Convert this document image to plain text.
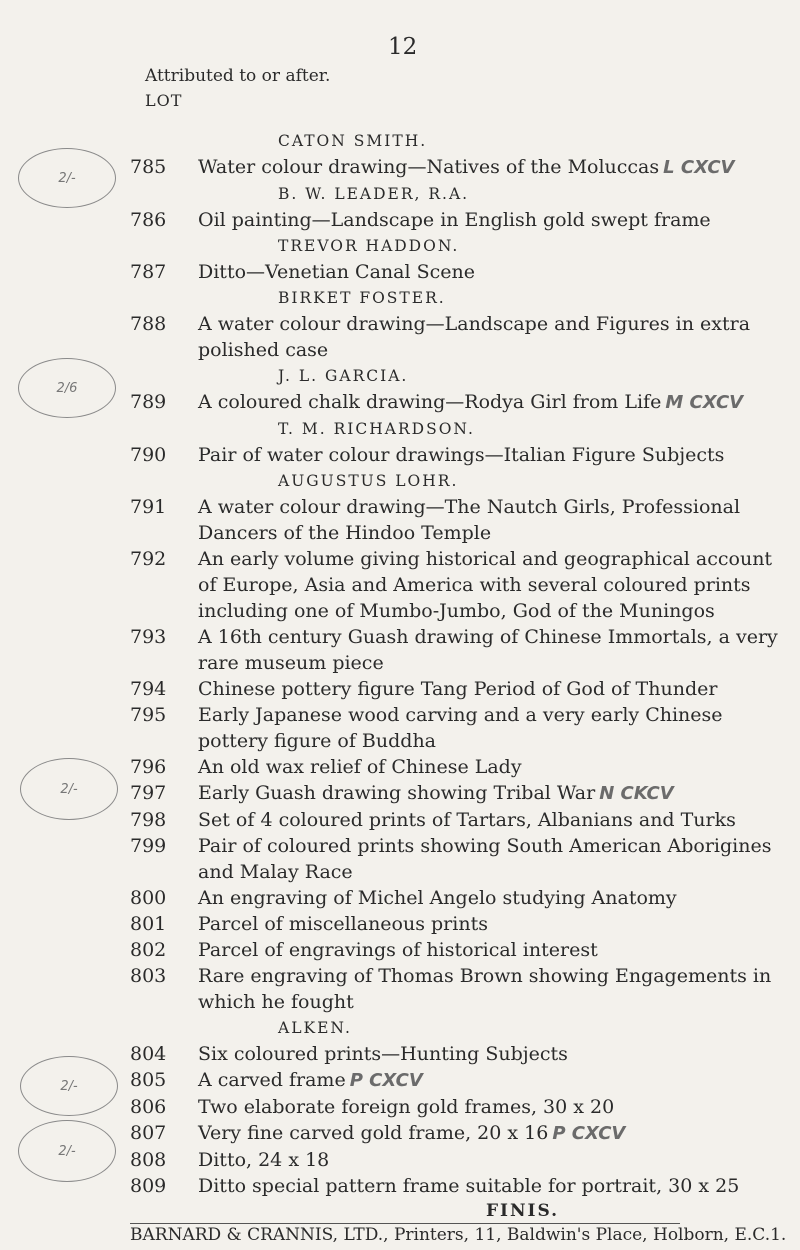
12
Attributed to or after.
LOT
2/-
2/6
2/-
2/-
2/-
CATON SMITH.
785	Water colour drawing—Natives of the Moluccas L CXCV
B. W. LEADER, R.A.
786	Oil painting—Landscape in English gold swept frame
TREVOR HADDON.
787	Ditto—Venetian Canal Scene
BIRKET FOSTER.
788	A water colour drawing—Landscape and Figures in extra polished case
J. L. GARCIA.
789	A coloured chalk drawing—Rodya Girl from Life M CXCV
T. M. RICHARDSON.
790	Pair of water colour drawings—Italian Figure Subjects
AUGUSTUS LOHR.
791	A water colour drawing—The Nautch Girls, Professional Dancers of the Hindoo Temple
792	An early volume giving historical and geographical account of Europe, Asia and America with several coloured prints including one of Mumbo-Jumbo, God of the Muningos
793	A 16th century Guash drawing of Chinese Immortals, a very rare museum piece
794	Chinese pottery figure Tang Period of God of Thunder
795	Early Japanese wood carving and a very early Chinese pottery figure of Buddha
796	An old wax relief of Chinese Lady
797	Early Guash drawing showing Tribal War N CKCV
798	Set of 4 coloured prints of Tartars, Albanians and Turks
799	Pair of coloured prints showing South American Aborigines and Malay Race
800	An engraving of Michel Angelo studying Anatomy
801	Parcel of miscellaneous prints
802	Parcel of engravings of historical interest
803	Rare engraving of Thomas Brown showing Engagements in which he fought
ALKEN.
804	Six coloured prints—Hunting Subjects
805	A carved frame P CXCV
806	Two elaborate foreign gold frames, 30 x 20
807	Very fine carved gold frame, 20 x 16 P CXCV
808	Ditto, 24 x 18
809	Ditto special pattern frame suitable for portrait, 30 x 25
FINIS.
BARNARD & CRANNIS, LTD., Printers, 11, Baldwin's Place, Holborn, E.C.1.
